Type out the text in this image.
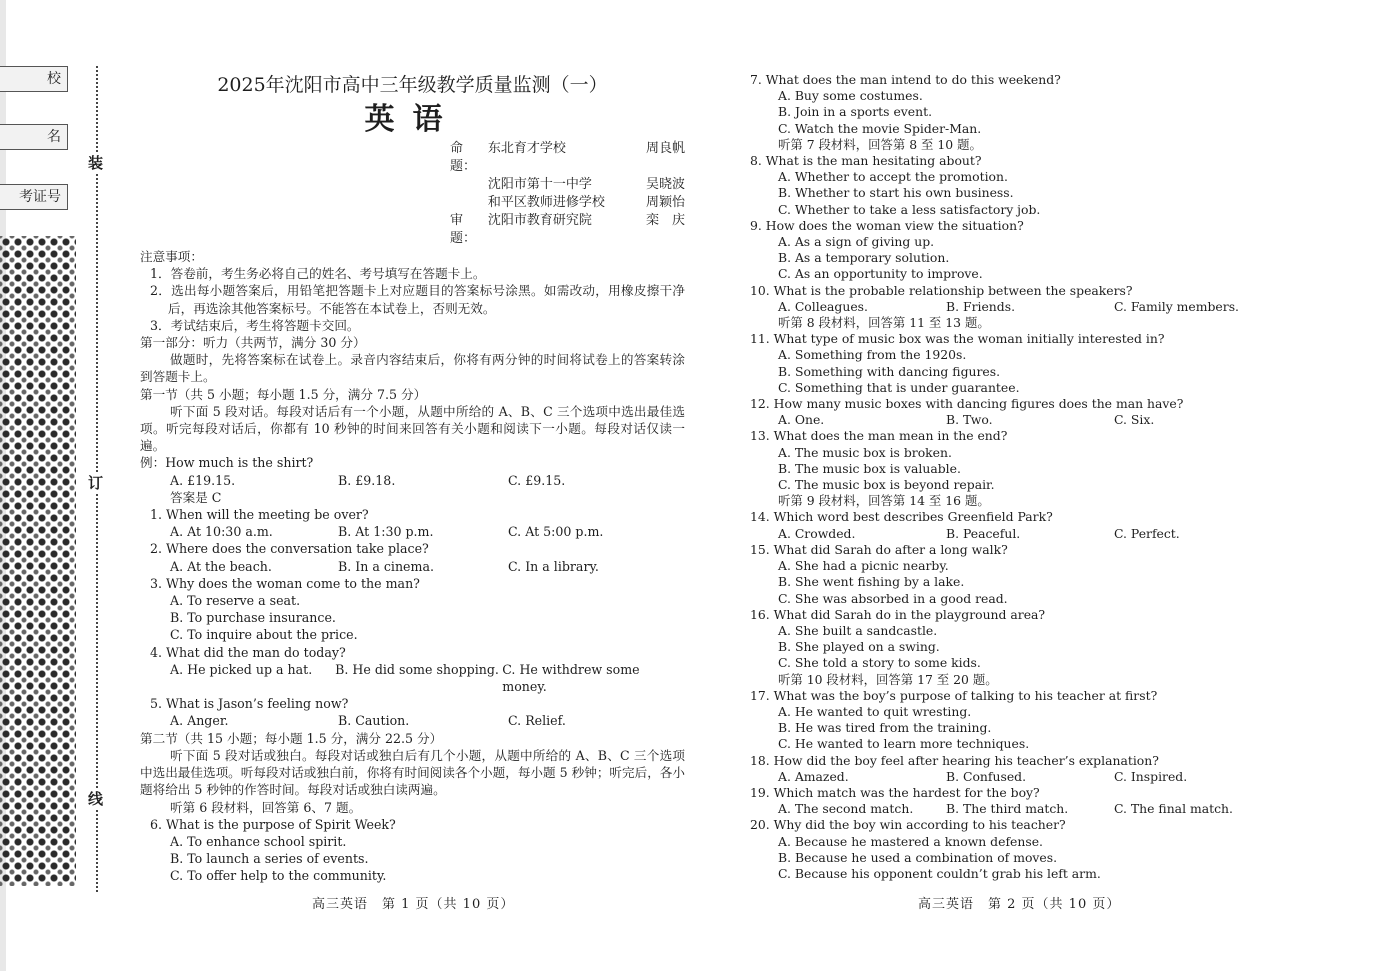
校
名
考证号
装
订
线
2025年沈阳市高中三年级教学质量监测（一）
英语
命题：
东北育才学校	周良帆
沈阳市第十一中学	吴晓波
和平区教师进修学校	周颖怡
审题：
沈阳市教育研究院	栾　庆
注意事项：
1．答卷前，考生务必将自己的姓名、考号填写在答题卡上。
2．选出每小题答案后，用铅笔把答题卡上对应题目的答案标号涂黑。如需改动，用橡皮擦干净后，再选涂其他答案标号。不能答在本试卷上，否则无效。
3．考试结束后，考生将答题卡交回。
第一部分：听力（共两节，满分 30 分）
做题时，先将答案标在试卷上。录音内容结束后，你将有两分钟的时间将试卷上的答案转涂到答题卡上。
第一节（共 5 小题；每小题 1.5 分，满分 7.5 分）
听下面 5 段对话。每段对话后有一个小题，从题中所给的 A、B、C 三个选项中选出最佳选项。听完每段对话后，你都有 10 秒钟的时间来回答有关小题和阅读下一小题。每段对话仅读一遍。
例：How much is the shirt?
A. £19.15.	B. £9.18.	C. £9.15.
答案是 C
1. When will the meeting be over?
A. At 10:30 a.m.	B. At 1:30 p.m.	C. At 5:00 p.m.
2. Where does the conversation take place?
A. At the beach.	B. In a cinema.	C. In a library.
3. Why does the woman come to the man?
A. To reserve a seat.
B. To purchase insurance.
C. To inquire about the price.
4. What did the man do today?
A. He picked up a hat.	B. He did some shopping. C. He withdrew some money.
5. What is Jason’s feeling now?
A. Anger.	B. Caution.	C. Relief.
第二节（共 15 小题；每小题 1.5 分，满分 22.5 分）
听下面 5 段对话或独白。每段对话或独白后有几个小题，从题中所给的 A、B、C 三个选项中选出最佳选项。听每段对话或独白前，你将有时间阅读各个小题，每小题 5 秒钟；听完后，各小题将给出 5 秒钟的作答时间。每段对话或独白读两遍。
听第 6 段材料，回答第 6、7 题。
6. What is the purpose of Spirit Week?
A. To enhance school spirit.
B. To launch a series of events.
C. To offer help to the community.
7. What does the man intend to do this weekend?
A. Buy some costumes.
B. Join in a sports event.
C. Watch the movie Spider-Man.
听第 7 段材料，回答第 8 至 10 题。
8. What is the man hesitating about?
A. Whether to accept the promotion.
B. Whether to start his own business.
C. Whether to take a less satisfactory job.
9. How does the woman view the situation?
A. As a sign of giving up.
B. As a temporary solution.
C. As an opportunity to improve.
10. What is the probable relationship between the speakers?
A. Colleagues.	B. Friends.	C. Family members.
听第 8 段材料，回答第 11 至 13 题。
11. What type of music box was the woman initially interested in?
A. Something from the 1920s.
B. Something with dancing figures.
C. Something that is under guarantee.
12. How many music boxes with dancing figures does the man have?
A. One.	B. Two.	C. Six.
13. What does the man mean in the end?
A. The music box is broken.
B. The music box is valuable.
C. The music box is beyond repair.
听第 9 段材料，回答第 14 至 16 题。
14. Which word best describes Greenfield Park?
A. Crowded.	B. Peaceful.	C. Perfect.
15. What did Sarah do after a long walk?
A. She had a picnic nearby.
B. She went fishing by a lake.
C. She was absorbed in a good read.
16. What did Sarah do in the playground area?
A. She built a sandcastle.
B. She played on a swing.
C. She told a story to some kids.
听第 10 段材料，回答第 17 至 20 题。
17. What was the boy’s purpose of talking to his teacher at first?
A. He wanted to quit wresting.
B. He was tired from the training.
C. He wanted to learn more techniques.
18. How did the boy feel after hearing his teacher’s explanation?
A. Amazed.	B. Confused.	C. Inspired.
19. Which match was the hardest for the boy?
A. The second match.	B. The third match.	C. The final match.
20. Why did the boy win according to his teacher?
A. Because he mastered a known defense.
B. Because he used a combination of moves.
C. Because his opponent couldn’t grab his left arm.
高三英语　第 1 页（共 10 页）	高三英语　第 2 页（共 10 页）
